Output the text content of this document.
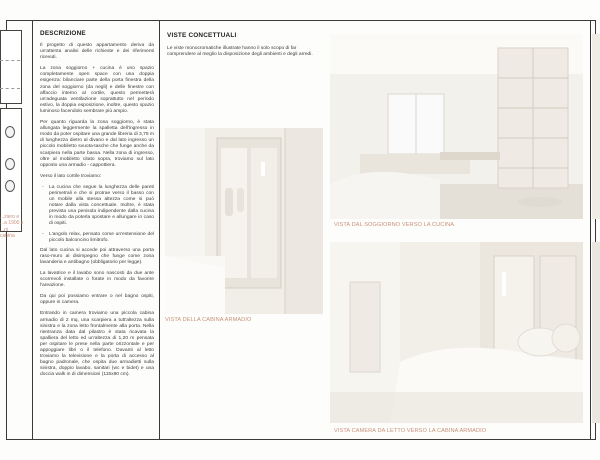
...ziero e
...a 1900 x
...ni cabina
DESCRIZIONE
Il progetto di questo appartamento deriva da un'attenta analisi delle richieste e dei riferimenti ricevuti.
La zona soggiorno + cucina è uno spazio completamente open space con una doppia esigenza: bilanciare parte della porta finestra della zona del soggiorno (da negli) e delle finestre con affaccio interno al cortile, questo permetterà un'adeguata ventilazione soprattutto nel periodo estivo, la doppia esposizione, inoltre, questo spazio luminoso facendolo sembrare più ampio.
Per quanto riguarda la zona soggiorno, è stata allungata leggermente la spalletta dell'ingresso in modo da poter ospitare una grande libreria di 3,75 m di lunghezza dietro al divano e dal lato ingresso un piccolo mobiletto svuota-tasche che funge anche da scarpiera nella parte bassa. Nella zona di ingresso, oltre al mobiletto citato sopra, troviamo sul lato opposto una armadio - cappottiera.
Verso il lato cortile troviamo:
- La cucina che segue la lunghezza delle pareti perimetrali e che si protrae verso il basso con un mobile alla stessa altezza come si può notare dalla vista concettuale. Inoltre, è stata prevista una penisola indipendente dalla cucina in modo da poterla spostare e allungare in caso di ospiti.
- L'angolo relax, pensato come un'estensione del piccolo balconcino limitrofo.
Dal lato cucina si accede poi attraverso una porta raso-muro al disimpegno che funge come zona lavanderia e antibagno (obbligatorio per legge).
La lavatrice e il lavabo sono nascosti da due ante scorrevoli installate o forate in modo da favorire l'areazione.
Da qui poi possiamo entrare o nel bagno ospiti, oppure in camera.
Entrando in camera troviamo una piccola cabina armadio di 2 mq, una scarpiera a tutt'altezza sulla sinistra e la zona letto frontalmente alla porta. Nella rientranza data dal pilastro è stata ricavata la spalliera del letto ed un'altezza di 1,20 m pensata per ospitare le prese nella parte orizzontale e per appoggiare libri o il telefono. Davanti al letto troviamo la televisione e la porta di accesso al bagno padronale, che ospita due armadietti sulla sinistra, doppio lavabo, sanitari (wc e bidet) e una doccia walk in di dimensioni (115x90 cm).
VISTE CONCETTUALI
Le viste monocromatiche illustrate hanno il solo scopo di far comprendere al meglio la disposizione degli ambienti e degli arredi.
VISTA DAL SOGGIORNO VERSO LA CUCINA
VISTA DELLA CABINA ARMADIO
VISTA CAMERA DA LETTO VERSO LA CABINA ARMADIO
